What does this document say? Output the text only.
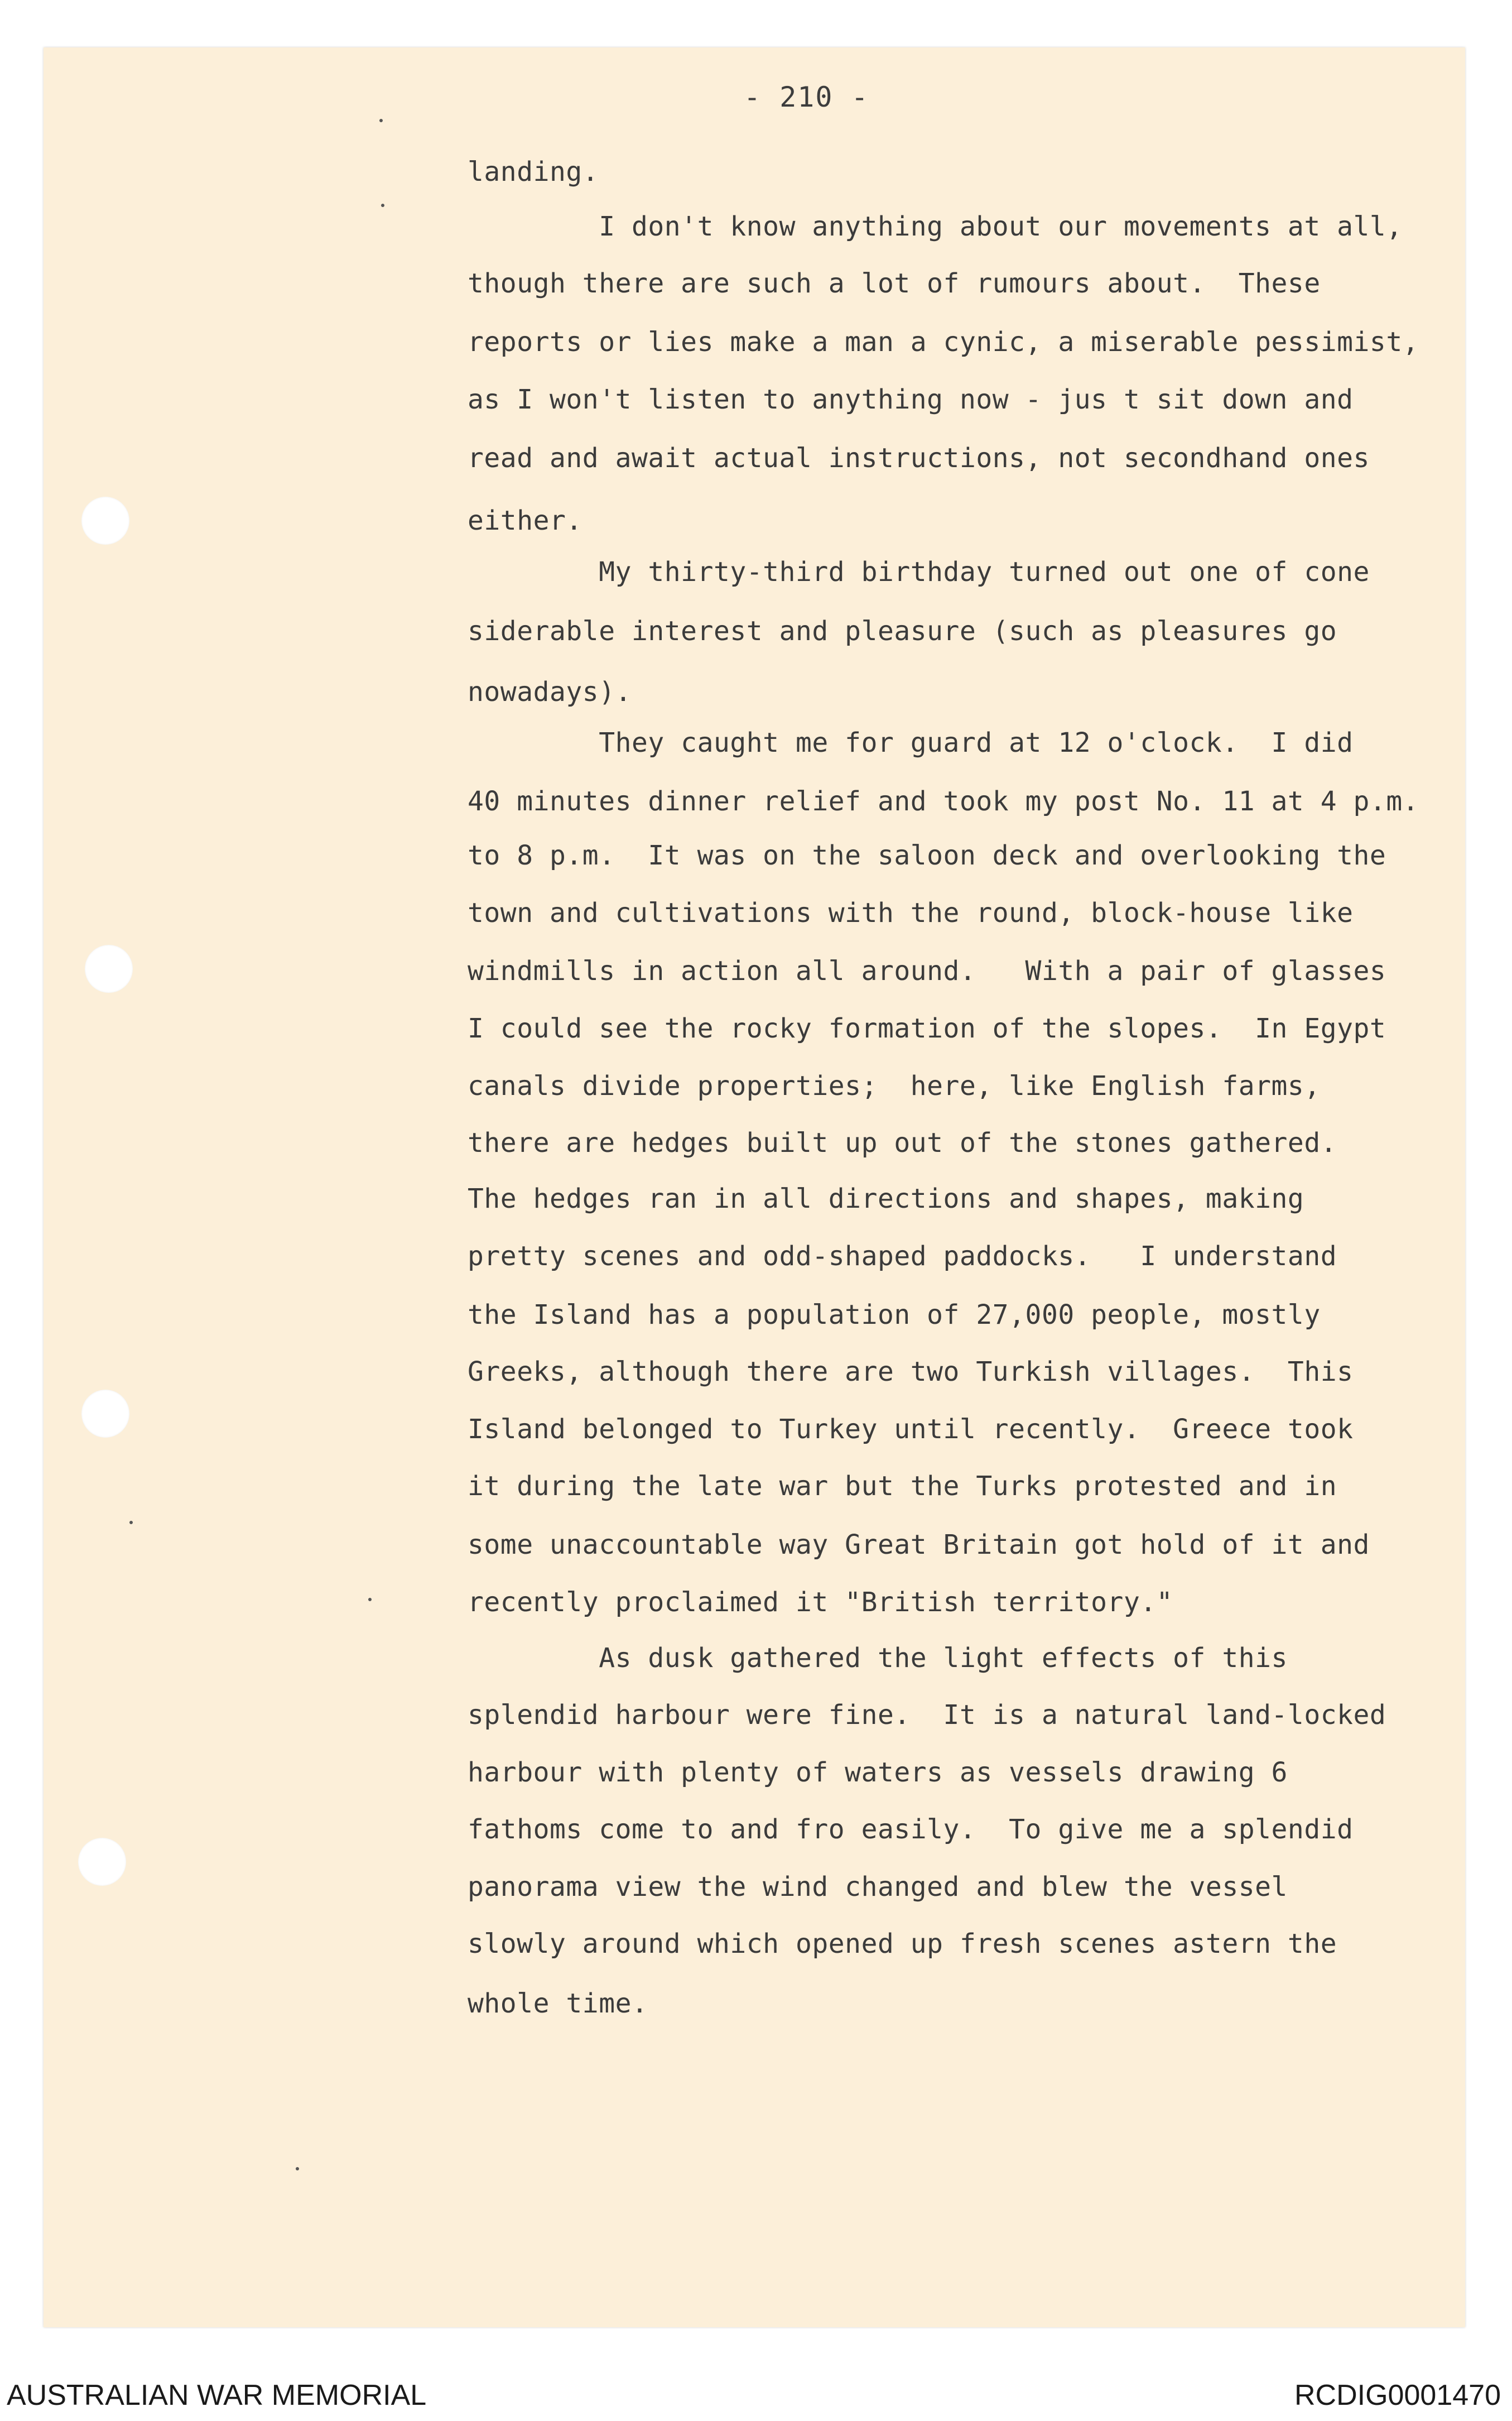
- 210 -
landing.
I don't know anything about our movements at all,
though there are such a lot of rumours about.  These
reports or lies make a man a cynic, a miserable pessimist,
as I won't listen to anything now - jus t sit down and
read and await actual instructions, not secondhand ones
either.
My thirty-third birthday turned out one of cone
siderable interest and pleasure (such as pleasures go
nowadays).
They caught me for guard at 12 o'clock.  I did
40 minutes dinner relief and took my post No. 11 at 4 p.m.
to 8 p.m.  It was on the saloon deck and overlooking the
town and cultivations with the round, block-house like
windmills in action all around.   With a pair of glasses
I could see the rocky formation of the slopes.  In Egypt
canals divide properties;  here, like English farms,
there are hedges built up out of the stones gathered.
The hedges ran in all directions and shapes, making
pretty scenes and odd-shaped paddocks.   I understand
the Island has a population of 27,000 people, mostly
Greeks, although there are two Turkish villages.  This
Island belonged to Turkey until recently.  Greece took
it during the late war but the Turks protested and in
some unaccountable way Great Britain got hold of it and
recently proclaimed it "British territory."
As dusk gathered the light effects of this
splendid harbour were fine.  It is a natural land-locked
harbour with plenty of waters as vessels drawing 6
fathoms come to and fro easily.  To give me a splendid
panorama view the wind changed and blew the vessel
slowly around which opened up fresh scenes astern the
whole time.
AUSTRALIAN WAR MEMORIAL	RCDIG0001470
